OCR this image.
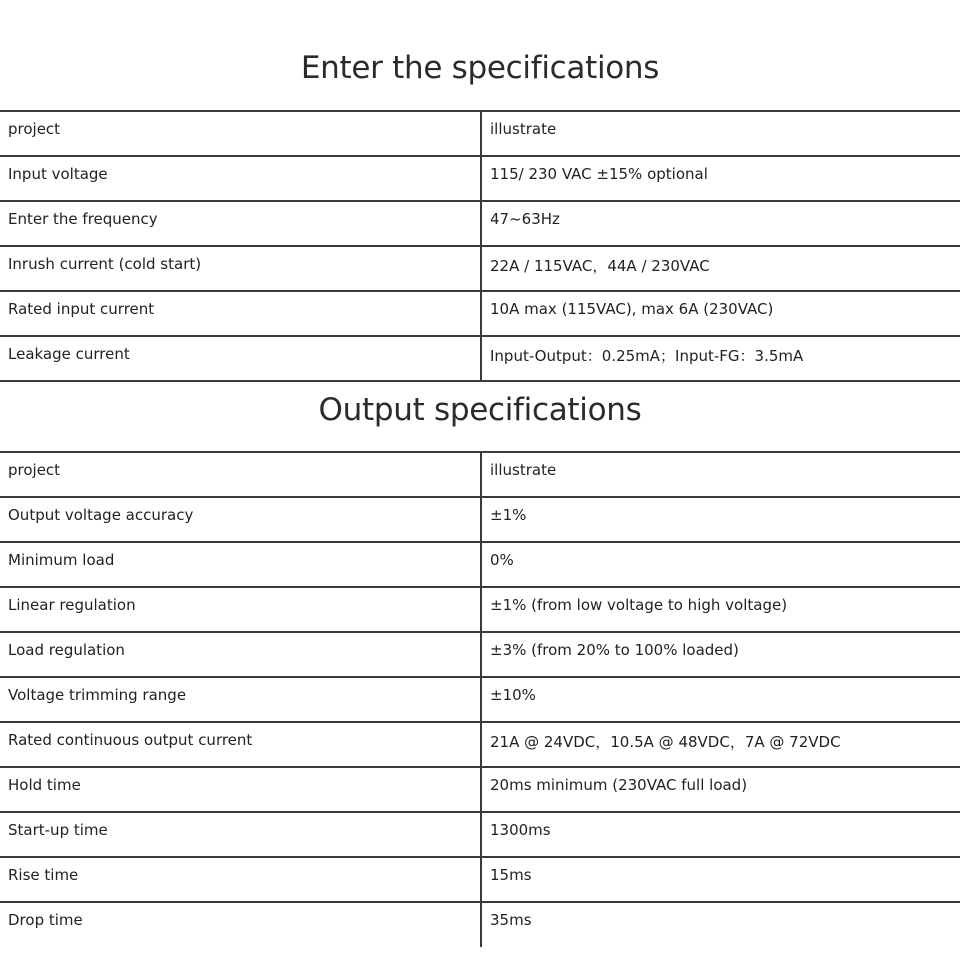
Enter the specifications
project	illustrate
Input voltage	115/ 230 VAC ±15% optional
Enter the frequency	47~63Hz
Inrush current (cold start)	22A / 115VAC，44A / 230VAC
Rated input current	10A max (115VAC), max 6A (230VAC)
Leakage current	Input-Output：0.25mA；Input-FG：3.5mA
Output specifications
project	illustrate
Output voltage accuracy	±1%
Minimum load	0%
Linear regulation	±1% (from low voltage to high voltage)
Load regulation	±3% (from 20% to 100% loaded)
Voltage trimming range	±10%
Rated continuous output current	21A @ 24VDC，10.5A @ 48VDC，7A @ 72VDC
Hold time	20ms minimum (230VAC full load)
Start-up time	1300ms
Rise time	15ms
Drop time	35ms
